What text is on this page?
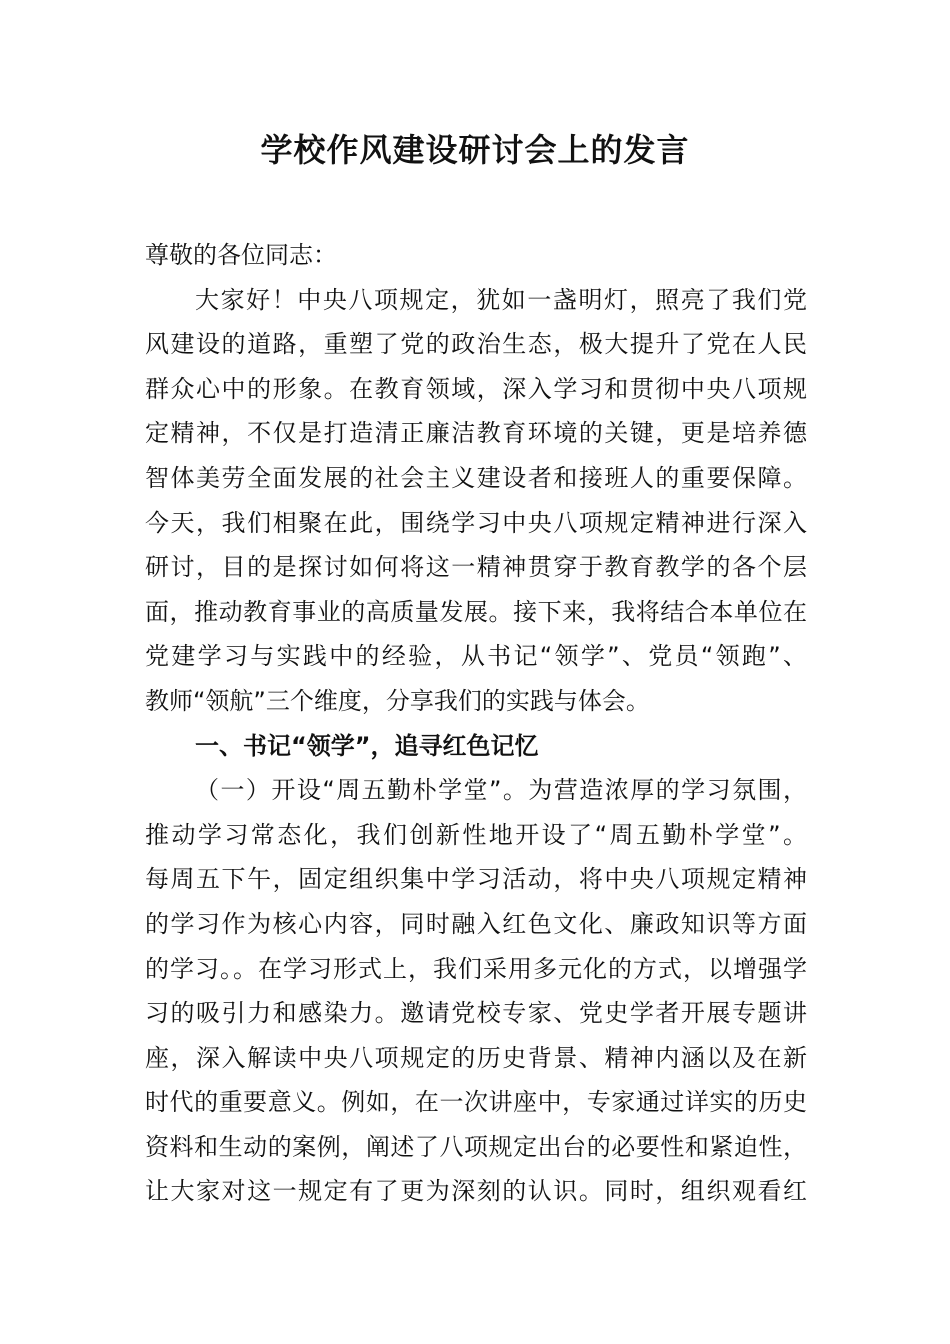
学校作风建设研讨会上的发言
尊敬的各位同志：
大家好！中央八项规定，犹如一盏明灯，照亮了我们党
风建设的道路，重塑了党的政治生态，极大提升了党在人民
群众心中的形象。在教育领域，深入学习和贯彻中央八项规
定精神，不仅是打造清正廉洁教育环境的关键，更是培养德
智体美劳全面发展的社会主义建设者和接班人的重要保障。
今天，我们相聚在此，围绕学习中央八项规定精神进行深入
研讨，目的是探讨如何将这一精神贯穿于教育教学的各个层
面，推动教育事业的高质量发展。接下来，我将结合本单位在
党建学习与实践中的经验，从书记“领学”、党员“领跑”、
教师“领航”三个维度，分享我们的实践与体会。
一、书记“领学”，追寻红色记忆
（一）开设“周五勤朴学堂”。为营造浓厚的学习氛围，
推动学习常态化，我们创新性地开设了“周五勤朴学堂”。
每周五下午，固定组织集中学习活动，将中央八项规定精神
的学习作为核心内容，同时融入红色文化、廉政知识等方面
的学习。。在学习形式上，我们采用多元化的方式，以增强学
习的吸引力和感染力。邀请党校专家、党史学者开展专题讲
座，深入解读中央八项规定的历史背景、精神内涵以及在新
时代的重要意义。例如，在一次讲座中，专家通过详实的历史
资料和生动的案例，阐述了八项规定出台的必要性和紧迫性，
让大家对这一规定有了更为深刻的认识。同时，组织观看红
